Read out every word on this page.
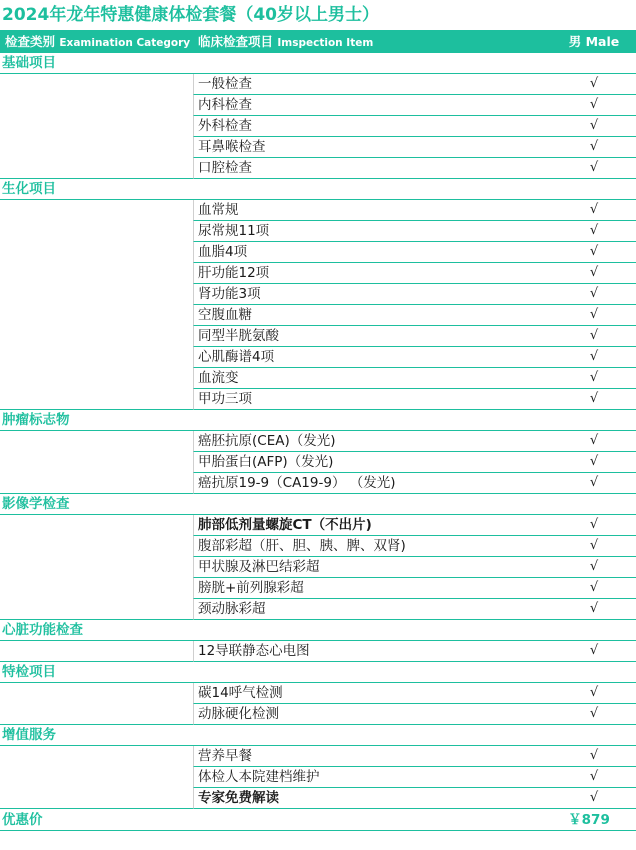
2024年龙年特惠健康体检套餐（40岁以上男士）
检查类别 Examination Category 临床检查项目 Imspection Item	男 Male
基础项目
一般检查	√
内科检查	√
外科检查	√
耳鼻喉检查	√
口腔检查	√
生化项目
血常规	√
尿常规11项	√
血脂4项	√
肝功能12项	√
肾功能3项	√
空腹血糖	√
同型半胱氨酸	√
心肌酶谱4项	√
血流变	√
甲功三项	√
肿瘤标志物
癌胚抗原(CEA)（发光)	√
甲胎蛋白(AFP)（发光)	√
癌抗原19-9（CA19-9） （发光)	√
影像学检查
肺部低剂量螺旋CT（不出片)	√
腹部彩超（肝、胆、胰、脾、双肾)	√
甲状腺及淋巴结彩超	√
膀胱+前列腺彩超	√
颈动脉彩超	√
心脏功能检查
12导联静态心电图	√
特检项目
碳14呼气检测	√
动脉硬化检测	√
增值服务
营养早餐	√
体检人本院建档维护	√
专家免费解读	√
优惠价	￥879
